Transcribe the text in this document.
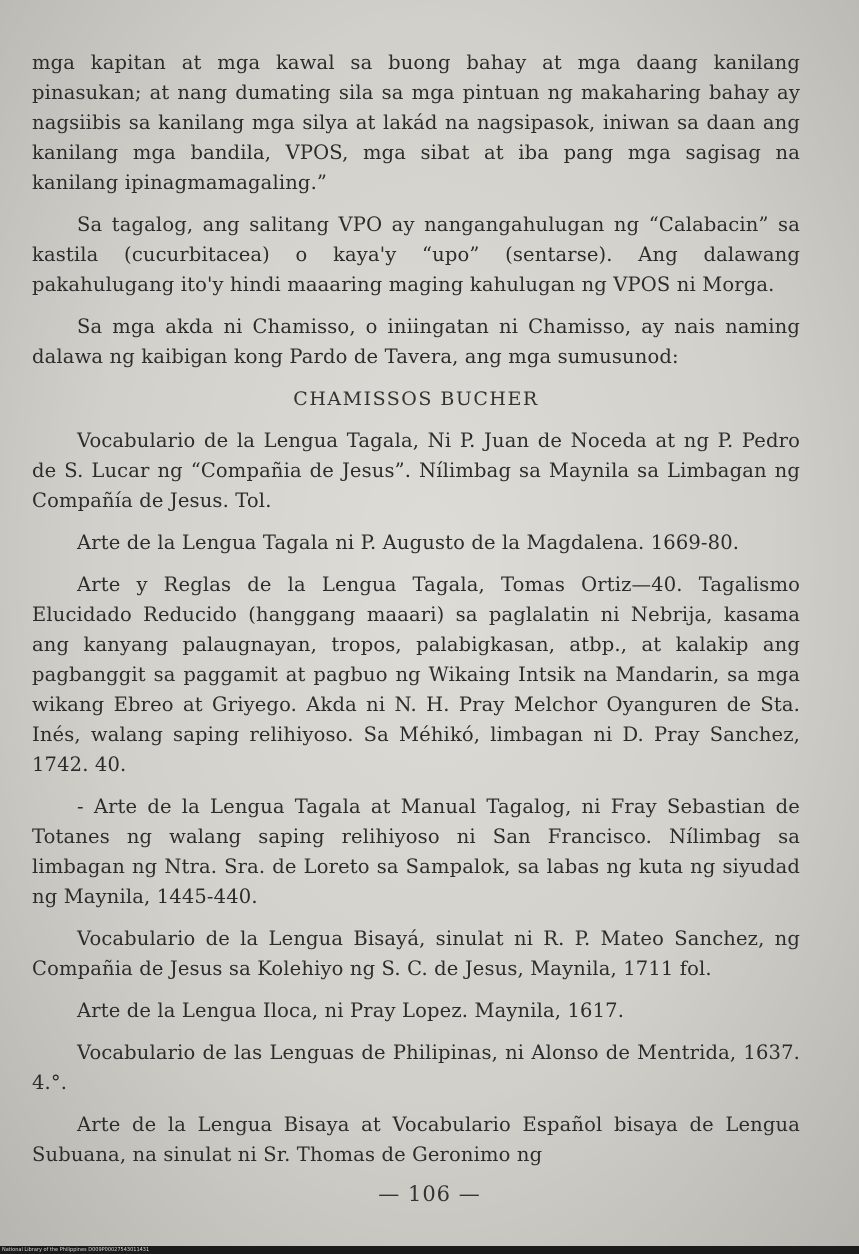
mga kapitan at mga kawal sa buong bahay at mga daang kanilang pinasukan; at nang dumating sila sa mga pintuan ng makaharing bahay ay nagsiibis sa kanilang mga silya at lakád na nagsipasok, iniwan sa daan ang kanilang mga bandila, VPOS, mga sibat at iba pang mga sagisag na kanilang ipinagmamagaling.”

Sa tagalog, ang salitang VPO ay nangangahulugan ng “Calabacin” sa kastila (cucurbitacea) o kaya'y “upo” (sentarse). Ang dalawang pakahulugang ito'y hindi maaaring maging kahulugan ng VPOS ni Morga.

Sa mga akda ni Chamisso, o iniingatan ni Chamisso, ay nais naming dalawa ng kaibigan kong Pardo de Tavera, ang mga sumusunod:

CHAMISSOS BUCHER

Vocabulario de la Lengua Tagala, Ni P. Juan de Noceda at ng P. Pedro de S. Lucar ng “Compañia de Jesus”. Nílimbag sa Maynila sa Limbagan ng Compañía de Jesus. Tol.

Arte de la Lengua Tagala ni P. Augusto de la Magdalena. 1669-80.

Arte y Reglas de la Lengua Tagala, Tomas Ortiz—40. Tagalismo Elucidado Reducido (hanggang maaari) sa paglalatin ni Nebrija, kasama ang kanyang palaugnayan, tropos, palabigkasan, atbp., at kalakip ang pagbanggit sa paggamit at pagbuo ng Wikaing Intsik na Mandarin, sa mga wikang Ebreo at Griyego. Akda ni N. H. Pray Melchor Oyanguren de Sta. Inés, walang saping relihiyoso. Sa Méhikó, limbagan ni D. Pray Sanchez, 1742. 40.

- Arte de la Lengua Tagala at Manual Tagalog, ni Fray Sebastian de Totanes ng walang saping relihiyoso ni San Francisco. Nílimbag sa limbagan ng Ntra. Sra. de Loreto sa Sampalok, sa labas ng kuta ng siyudad ng Maynila, 1445-440.

Vocabulario de la Lengua Bisayá, sinulat ni R. P. Mateo Sanchez, ng Compañia de Jesus sa Kolehiyo ng S. C. de Jesus, Maynila, 1711 fol.

Arte de la Lengua Iloca, ni Pray Lopez. Maynila, 1617.

Vocabulario de las Lenguas de Philipinas, ni Alonso de Mentrida, 1637. 4.°.

Arte de la Lengua Bisaya at Vocabulario Español bisaya de Lengua Subuana, na sinulat ni Sr. Thomas de Geronimo ng

— 106 —
National Library of the Philippines D009P00027543011431
